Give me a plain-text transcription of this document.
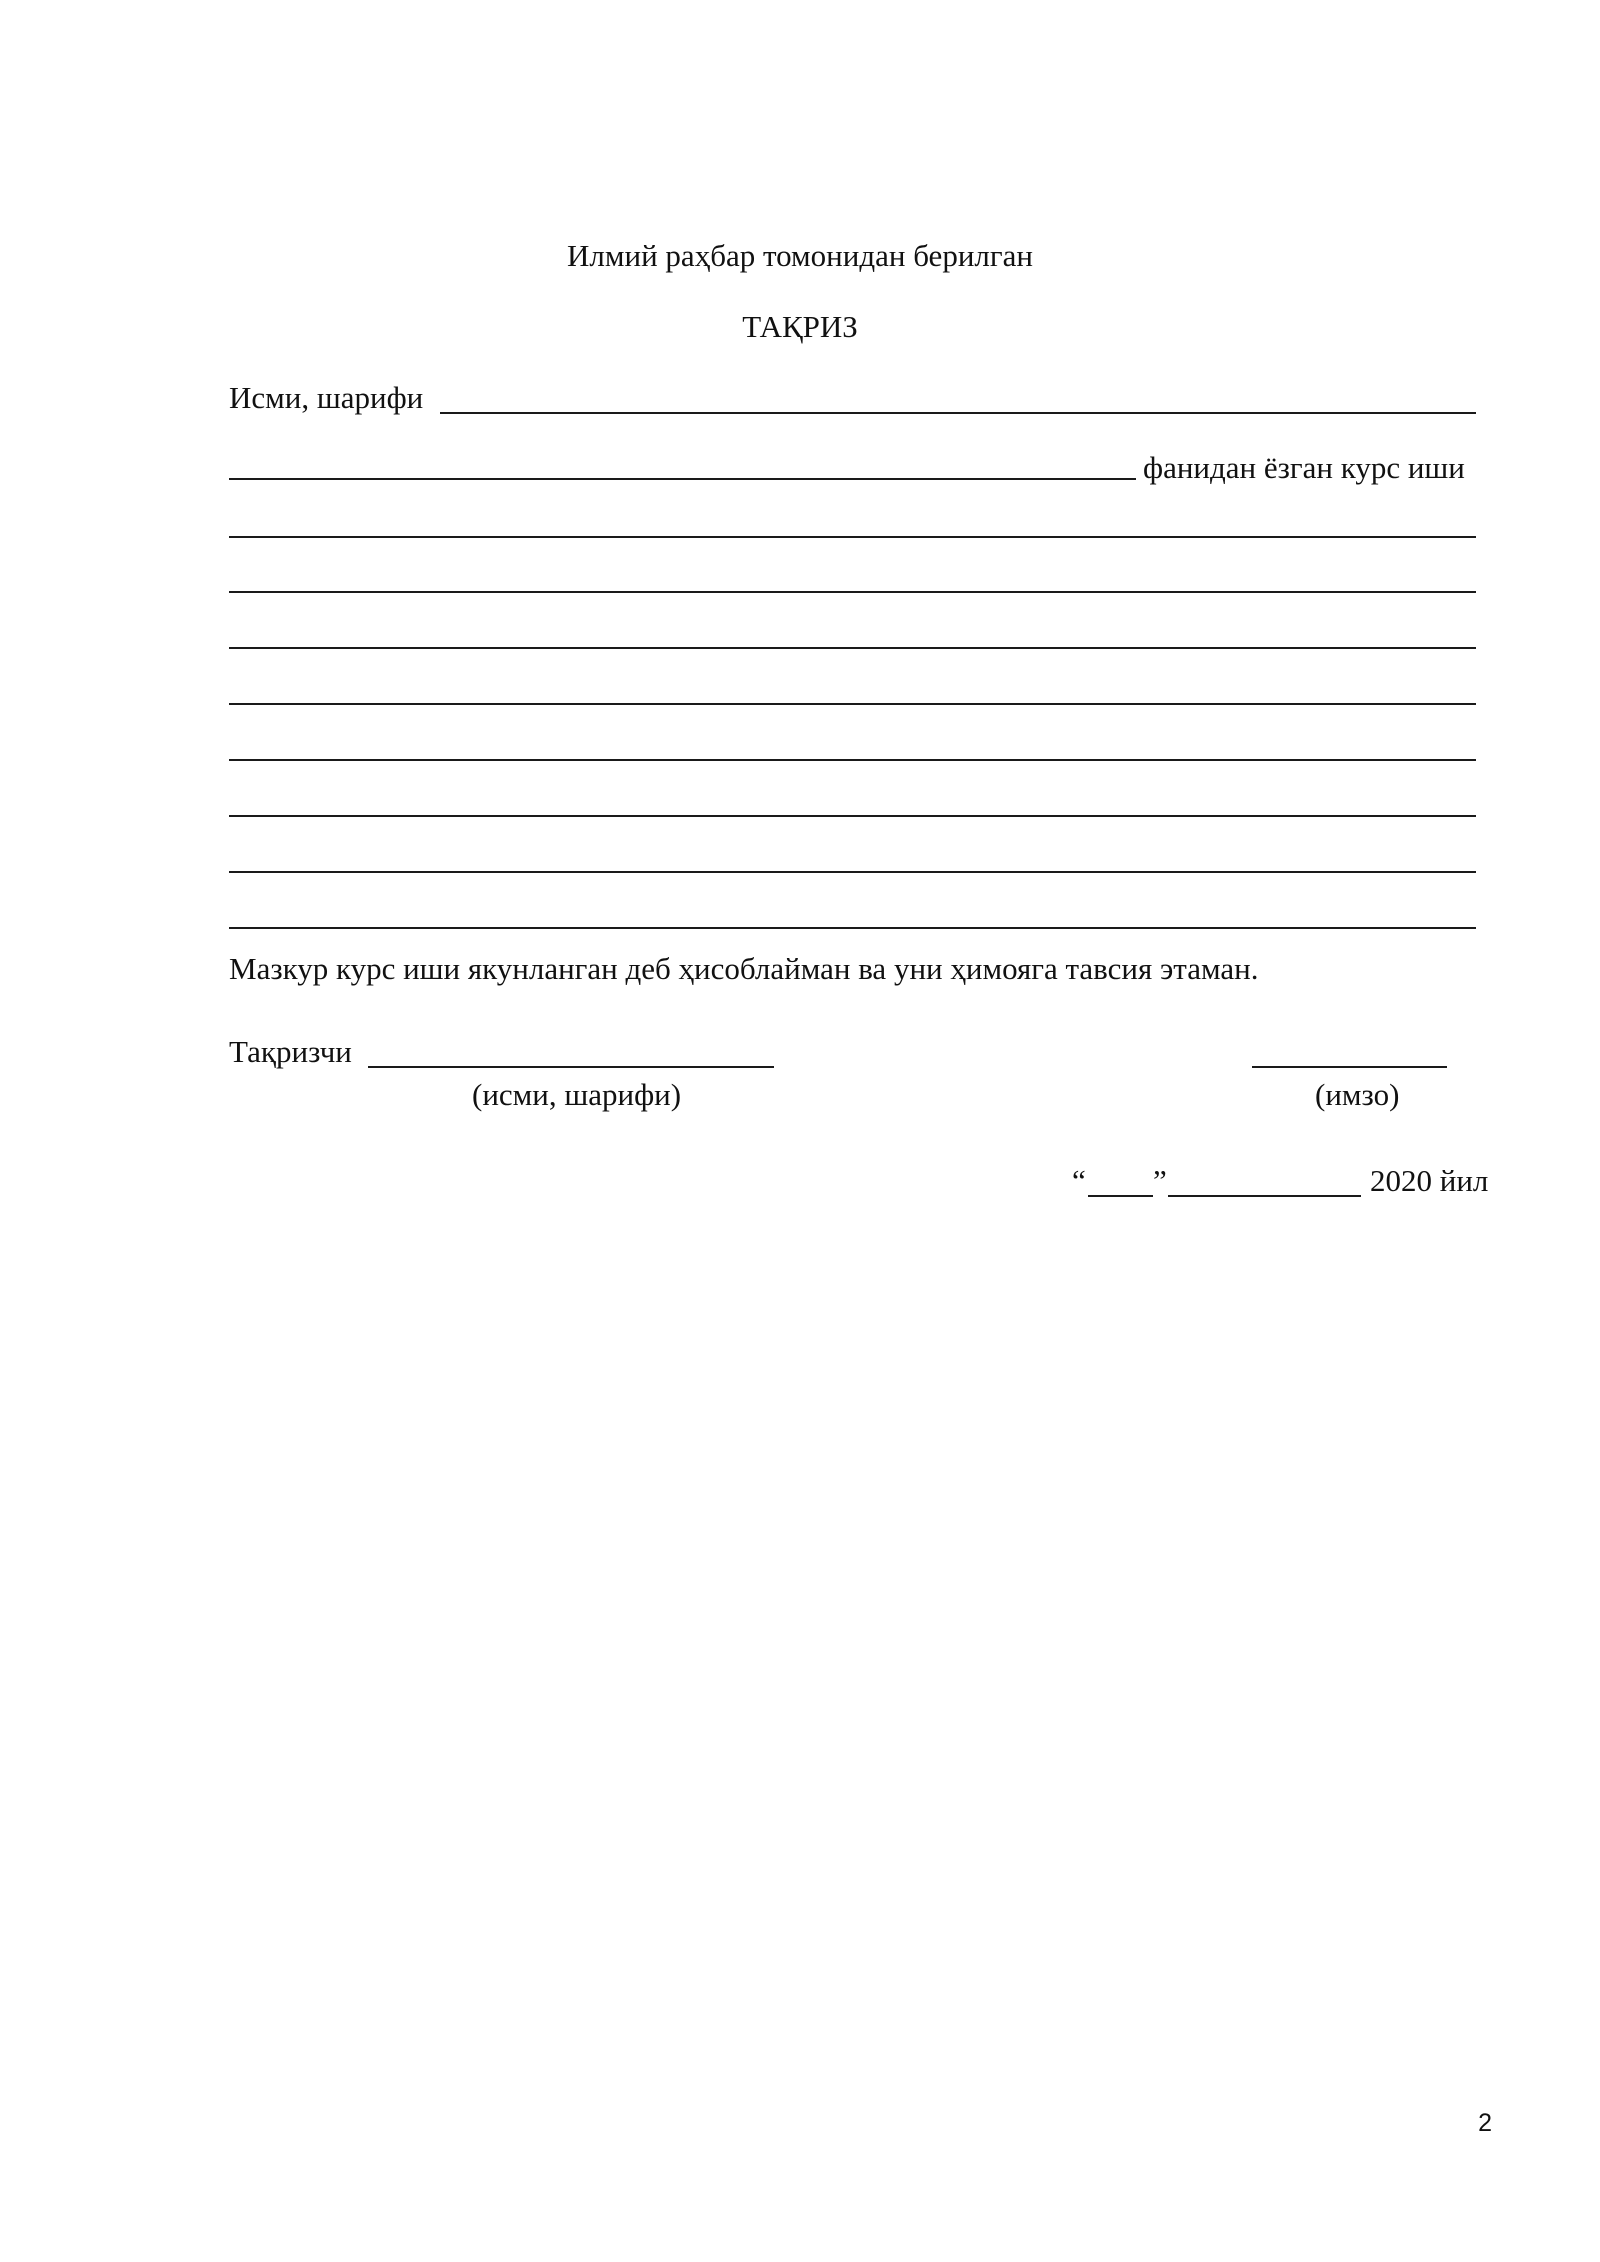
Илмий раҳбар томонидан берилган
ТАҚРИЗ
Исми, шарифи
фанидан ёзган курс иши
Мазкур курс иши якунланган деб ҳисоблайман ва уни ҳимояга тавсия этаман.
Тақризчи
(исми, шарифи)	(имзо)
“ ”	2020 йил
2
